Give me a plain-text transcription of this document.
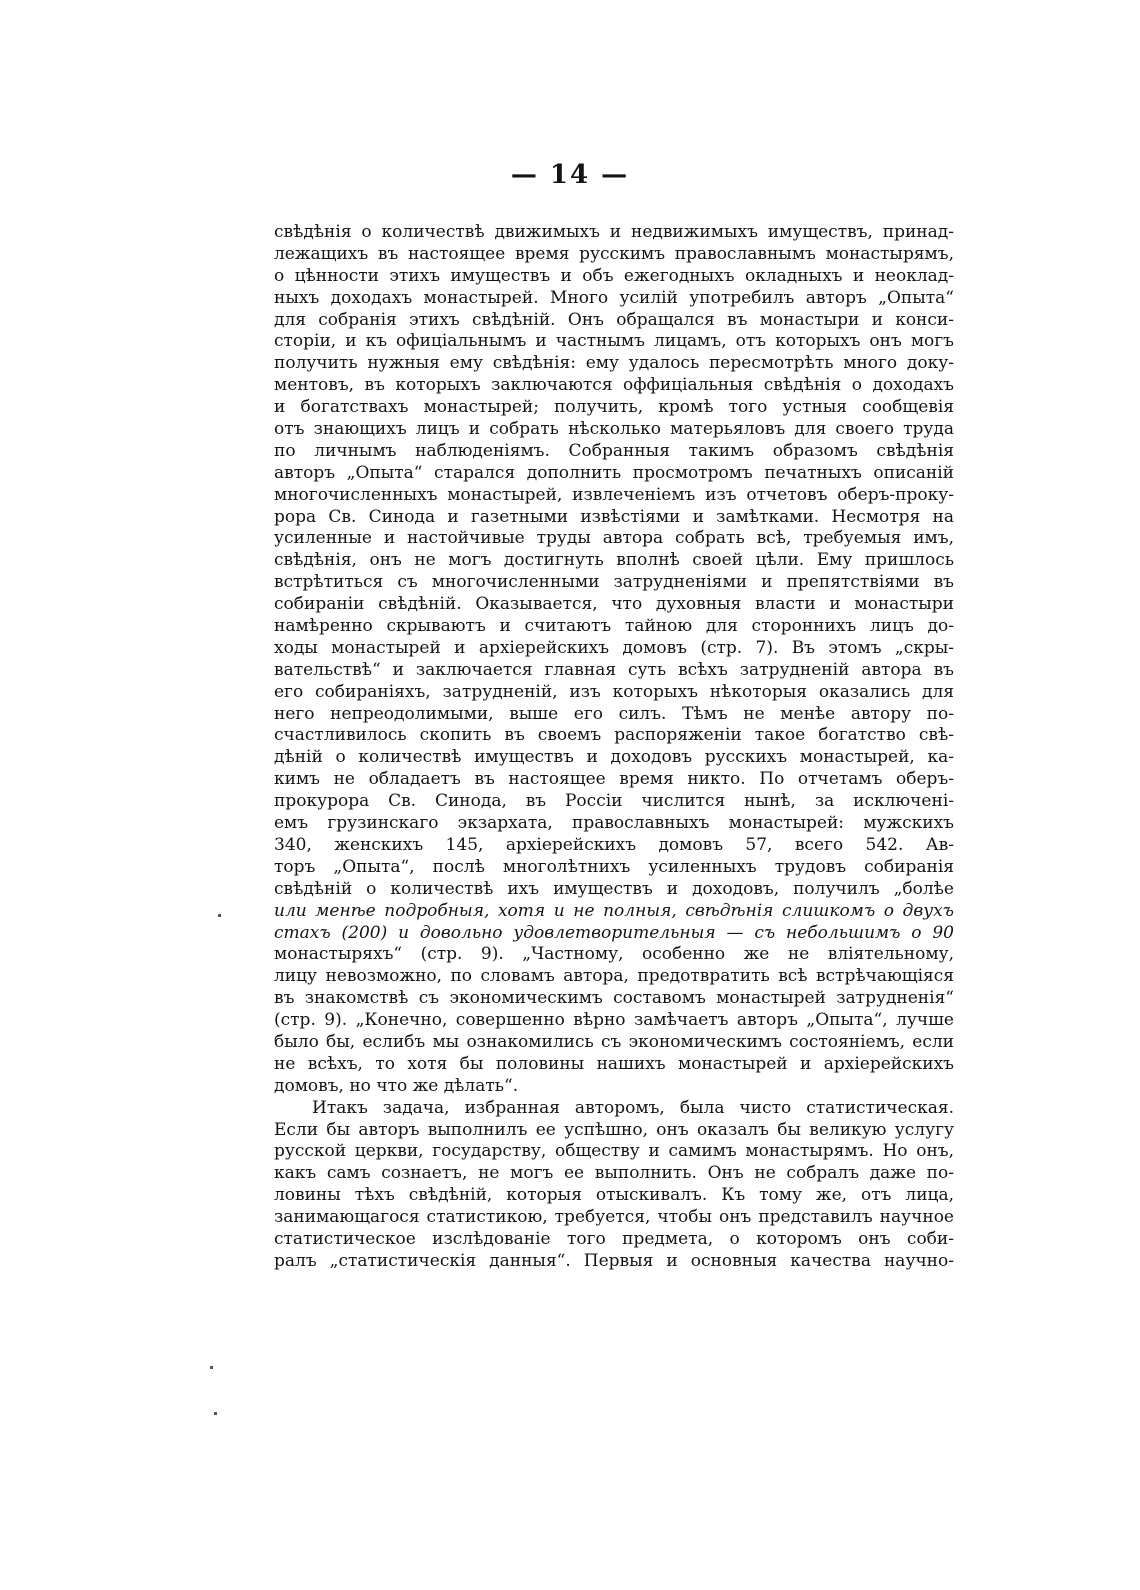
— 14 —
свѣдѣнія о количествѣ движимыхъ и недвижимыхъ имуществъ, принад-
лежащихъ въ настоящее время русскимъ православнымъ монастырямъ,
о цѣнности этихъ имуществъ и объ ежегодныхъ окладныхъ и неоклад-
ныхъ доходахъ монастырей. Много усилій употребилъ авторъ „Опыта“
для собранія этихъ свѣдѣній. Онъ обращался въ монастыри и конси-
сторіи, и къ офиціальнымъ и частнымъ лицамъ, отъ которыхъ онъ могъ
получить нужныя ему свѣдѣнія: ему удалось пересмотрѣть много доку-
ментовъ, въ которыхъ заключаются оффиціальныя свѣдѣнія о доходахъ
и богатствахъ монастырей; получить, кромѣ того устныя сообщевія
отъ знающихъ лицъ и собрать нѣсколько матерьяловъ для своего труда
по личнымъ наблюденіямъ. Собранныя такимъ образомъ свѣдѣнія
авторъ „Опыта“ старался дополнить просмотромъ печатныхъ описаній
многочисленныхъ монастырей, извлеченіемъ изъ отчетовъ оберъ-проку-
рора Св. Синода и газетными извѣстіями и замѣтками. Несмотря на
усиленные и настойчивые труды автора собрать всѣ, требуемыя имъ,
свѣдѣнія, онъ не могъ достигнуть вполнѣ своей цѣли. Ему пришлось
встрѣтиться съ многочисленными затрудненіями и препятствіями въ
собираніи свѣдѣній. Оказывается, что духовныя власти и монастыри
намѣренно скрываютъ и считаютъ тайною для стороннихъ лицъ до-
ходы монастырей и архіерейскихъ домовъ (стр. 7). Въ этомъ „скры-
вательствѣ“ и заключается главная суть всѣхъ затрудненій автора въ
его собираніяхъ, затрудненій, изъ которыхъ нѣкоторыя оказались для
него непреодолимыми, выше его силъ. Тѣмъ не менѣе автору по-
счастливилось скопить въ своемъ распоряженіи такое богатство свѣ-
дѣній о количествѣ имуществъ и доходовъ русскихъ монастырей, ка-
кимъ не обладаетъ въ настоящее время никто. По отчетамъ оберъ-
прокурора Св. Синода, въ Россіи числится нынѣ, за исключені-
емъ грузинскаго экзархата, православныхъ монастырей: мужскихъ
340, женскихъ 145, архіерейскихъ домовъ 57, всего 542. Ав-
торъ „Опыта“, послѣ многолѣтнихъ усиленныхъ трудовъ собиранія
свѣдѣній о количествѣ ихъ имуществъ и доходовъ, получилъ „болѣе
или менѣе подробныя, хотя и не полныя, свѣдѣнія слишкомъ о двухъ
стахъ (200) и довольно удовлетворительныя — съ небольшимъ о 90
монастыряхъ“ (стр. 9). „Частному, особенно же не вліятельному,
лицу невозможно, по словамъ автора, предотвратить всѣ встрѣчающіяся
въ знакомствѣ съ экономическимъ составомъ монастырей затрудненія“
(стр. 9). „Конечно, совершенно вѣрно замѣчаетъ авторъ „Опыта“, лучше
было бы, еслибъ мы ознакомились съ экономическимъ состояніемъ, если
не всѣхъ, то хотя бы половины нашихъ монастырей и архіерейскихъ
домовъ, но что же дѣлать“.
Итакъ задача, избранная авторомъ, была чисто статистическая.
Если бы авторъ выполнилъ ее успѣшно, онъ оказалъ бы великую услугу
русской церкви, государству, обществу и самимъ монастырямъ. Но онъ,
какъ самъ сознаетъ, не могъ ее выполнить. Онъ не собралъ даже по-
ловины тѣхъ свѣдѣній, которыя отыскивалъ. Къ тому же, отъ лица,
занимающагося статистикою, требуется, чтобы онъ представилъ научное
статистическое изслѣдованіе того предмета, о которомъ онъ соби-
ралъ „статистическія данныя“. Первыя и основныя качества научно-
